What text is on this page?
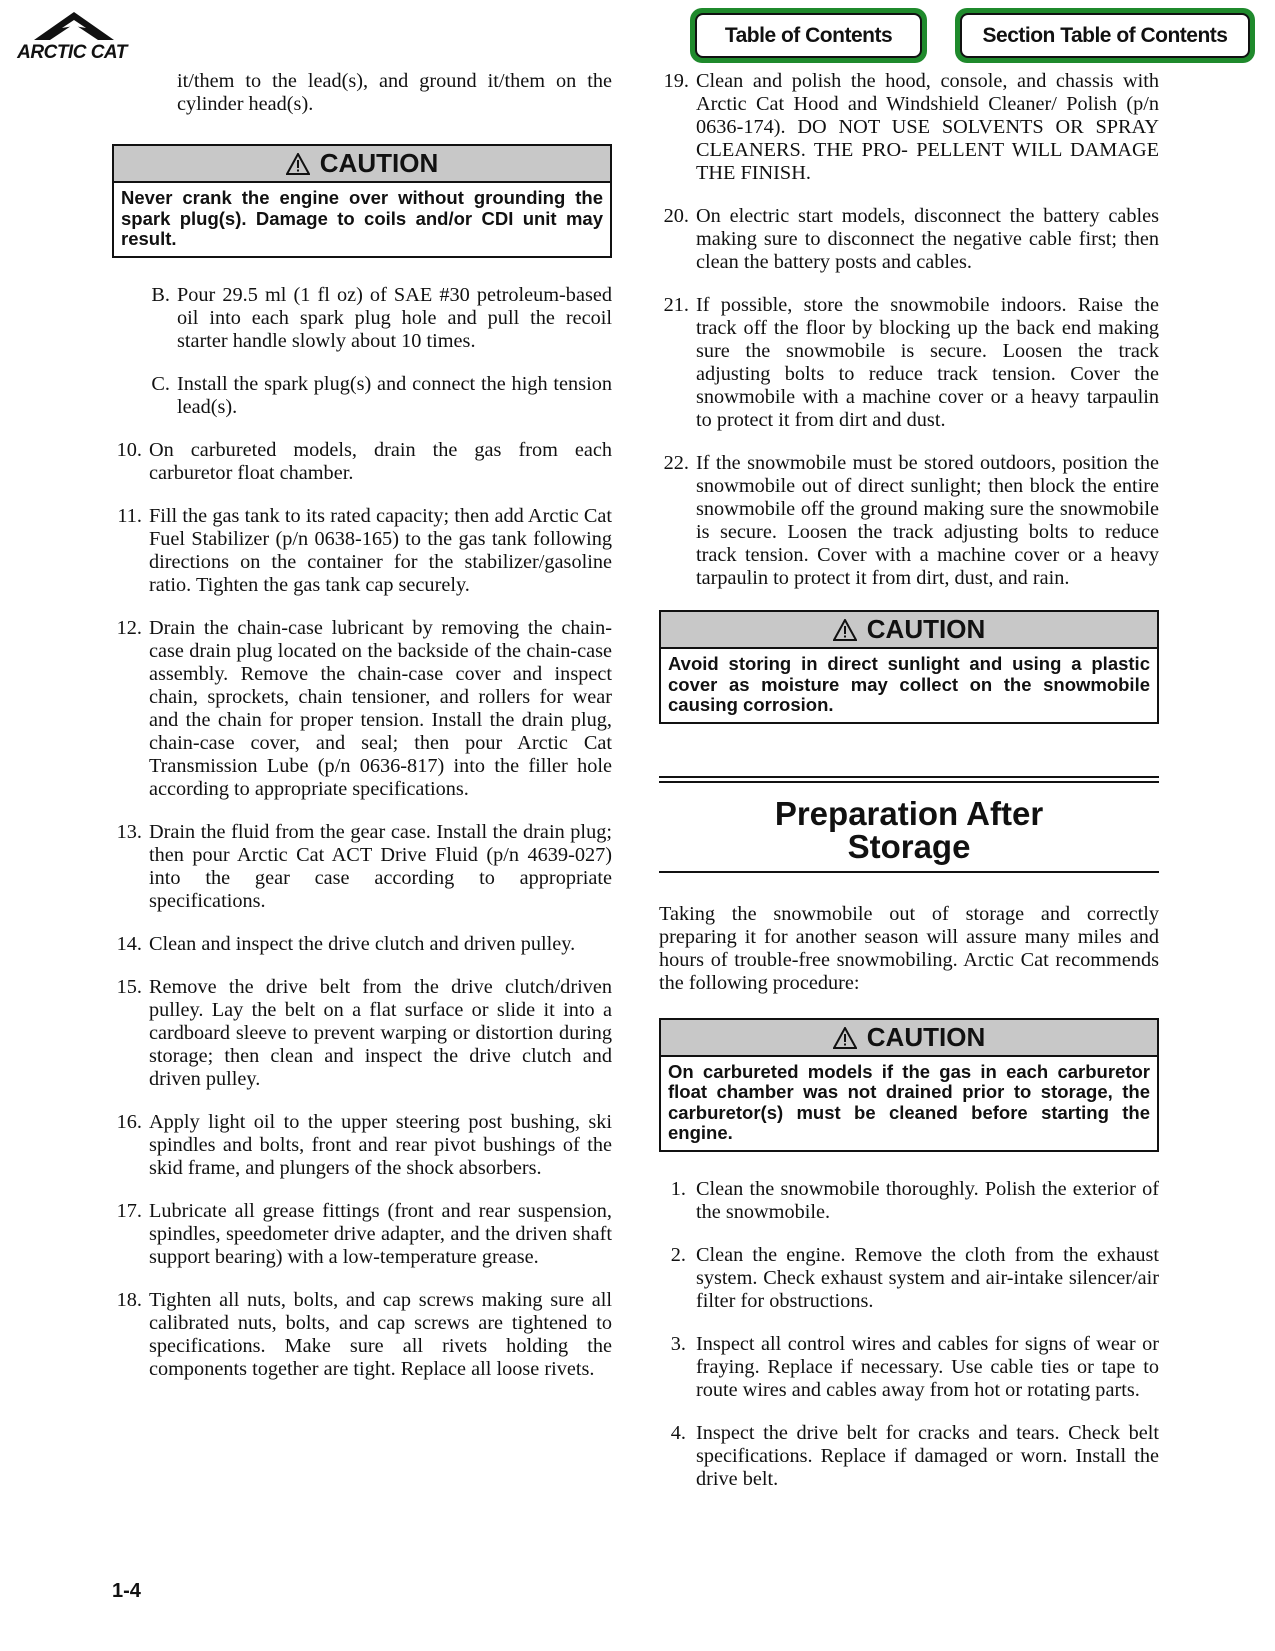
ARCTIC CAT
Table of Contents	Section Table of Contents

it/them to the lead(s), and ground it/them on the cylinder head(s).

CAUTION
Never crank the engine over without grounding the spark plug(s). Damage to coils and/or CDI unit may result.
B. Pour 29.5 ml (1 fl oz) of SAE #30 petroleum-based oil into each spark plug hole and pull the recoil starter handle slowly about 10 times.
C. Install the spark plug(s) and connect the high tension lead(s).
10. On carbureted models, drain the gas from each carburetor float chamber.
11. Fill the gas tank to its rated capacity; then add Arctic Cat Fuel Stabilizer (p/n 0638-165) to the gas tank following directions on the container for the stabilizer/gasoline ratio. Tighten the gas tank cap securely.
12. Drain the chain-case lubricant by removing the chain-case drain plug located on the backside of the chain-case assembly. Remove the chain-case cover and inspect chain, sprockets, chain tensioner, and rollers for wear and the chain for proper tension. Install the drain plug, chain-case cover, and seal; then pour Arctic Cat Transmission Lube (p/n 0636-817) into the filler hole according to appropriate specifications.
13. Drain the fluid from the gear case. Install the drain plug; then pour Arctic Cat ACT Drive Fluid (p/n 4639-027) into the gear case according to appropriate specifications.
14. Clean and inspect the drive clutch and driven pulley.
15. Remove the drive belt from the drive clutch/driven pulley. Lay the belt on a flat surface or slide it into a cardboard sleeve to prevent warping or distortion during storage; then clean and inspect the drive clutch and driven pulley.
16. Apply light oil to the upper steering post bushing, ski spindles and bolts, front and rear pivot bushings of the skid frame, and plungers of the shock absorbers.
17. Lubricate all grease fittings (front and rear suspension, spindles, speedometer drive adapter, and the driven shaft support bearing) with a low-temperature grease.
18. Tighten all nuts, bolts, and cap screws making sure all calibrated nuts, bolts, and cap screws are tightened to specifications. Make sure all rivets holding the components together are tight. Replace all loose rivets.
19. Clean and polish the hood, console, and chassis with Arctic Cat Hood and Windshield Cleaner/ Polish (p/n 0636-174). DO NOT USE SOLVENTS OR SPRAY CLEANERS. THE PRO- PELLENT WILL DAMAGE THE FINISH.
20. On electric start models, disconnect the battery cables making sure to disconnect the negative cable first; then clean the battery posts and cables.
21. If possible, store the snowmobile indoors. Raise the track off the floor by blocking up the back end making sure the snowmobile is secure. Loosen the track adjusting bolts to reduce track tension. Cover the snowmobile with a machine cover or a heavy tarpaulin to protect it from dirt and dust.
22. If the snowmobile must be stored outdoors, position the snowmobile out of direct sunlight; then block the entire snowmobile off the ground making sure the snowmobile is secure. Loosen the track adjusting bolts to reduce track tension. Cover with a machine cover or a heavy tarpaulin to protect it from dirt, dust, and rain.
CAUTION
Avoid storing in direct sunlight and using a plastic cover as moisture may collect on the snowmobile causing corrosion.
Preparation After
Storage

Taking the snowmobile out of storage and correctly preparing it for another season will assure many miles and hours of trouble-free snowmobiling. Arctic Cat recommends the following procedure:

CAUTION
On carbureted models if the gas in each carburetor float chamber was not drained prior to storage, the carburetor(s) must be cleaned before starting the engine.
1. Clean the snowmobile thoroughly. Polish the exterior of the snowmobile.
2. Clean the engine. Remove the cloth from the exhaust system. Check exhaust system and air-intake silencer/air filter for obstructions.
3. Inspect all control wires and cables for signs of wear or fraying. Replace if necessary. Use cable ties or tape to route wires and cables away from hot or rotating parts.
4. Inspect the drive belt for cracks and tears. Check belt specifications. Replace if damaged or worn. Install the drive belt.
1-4
